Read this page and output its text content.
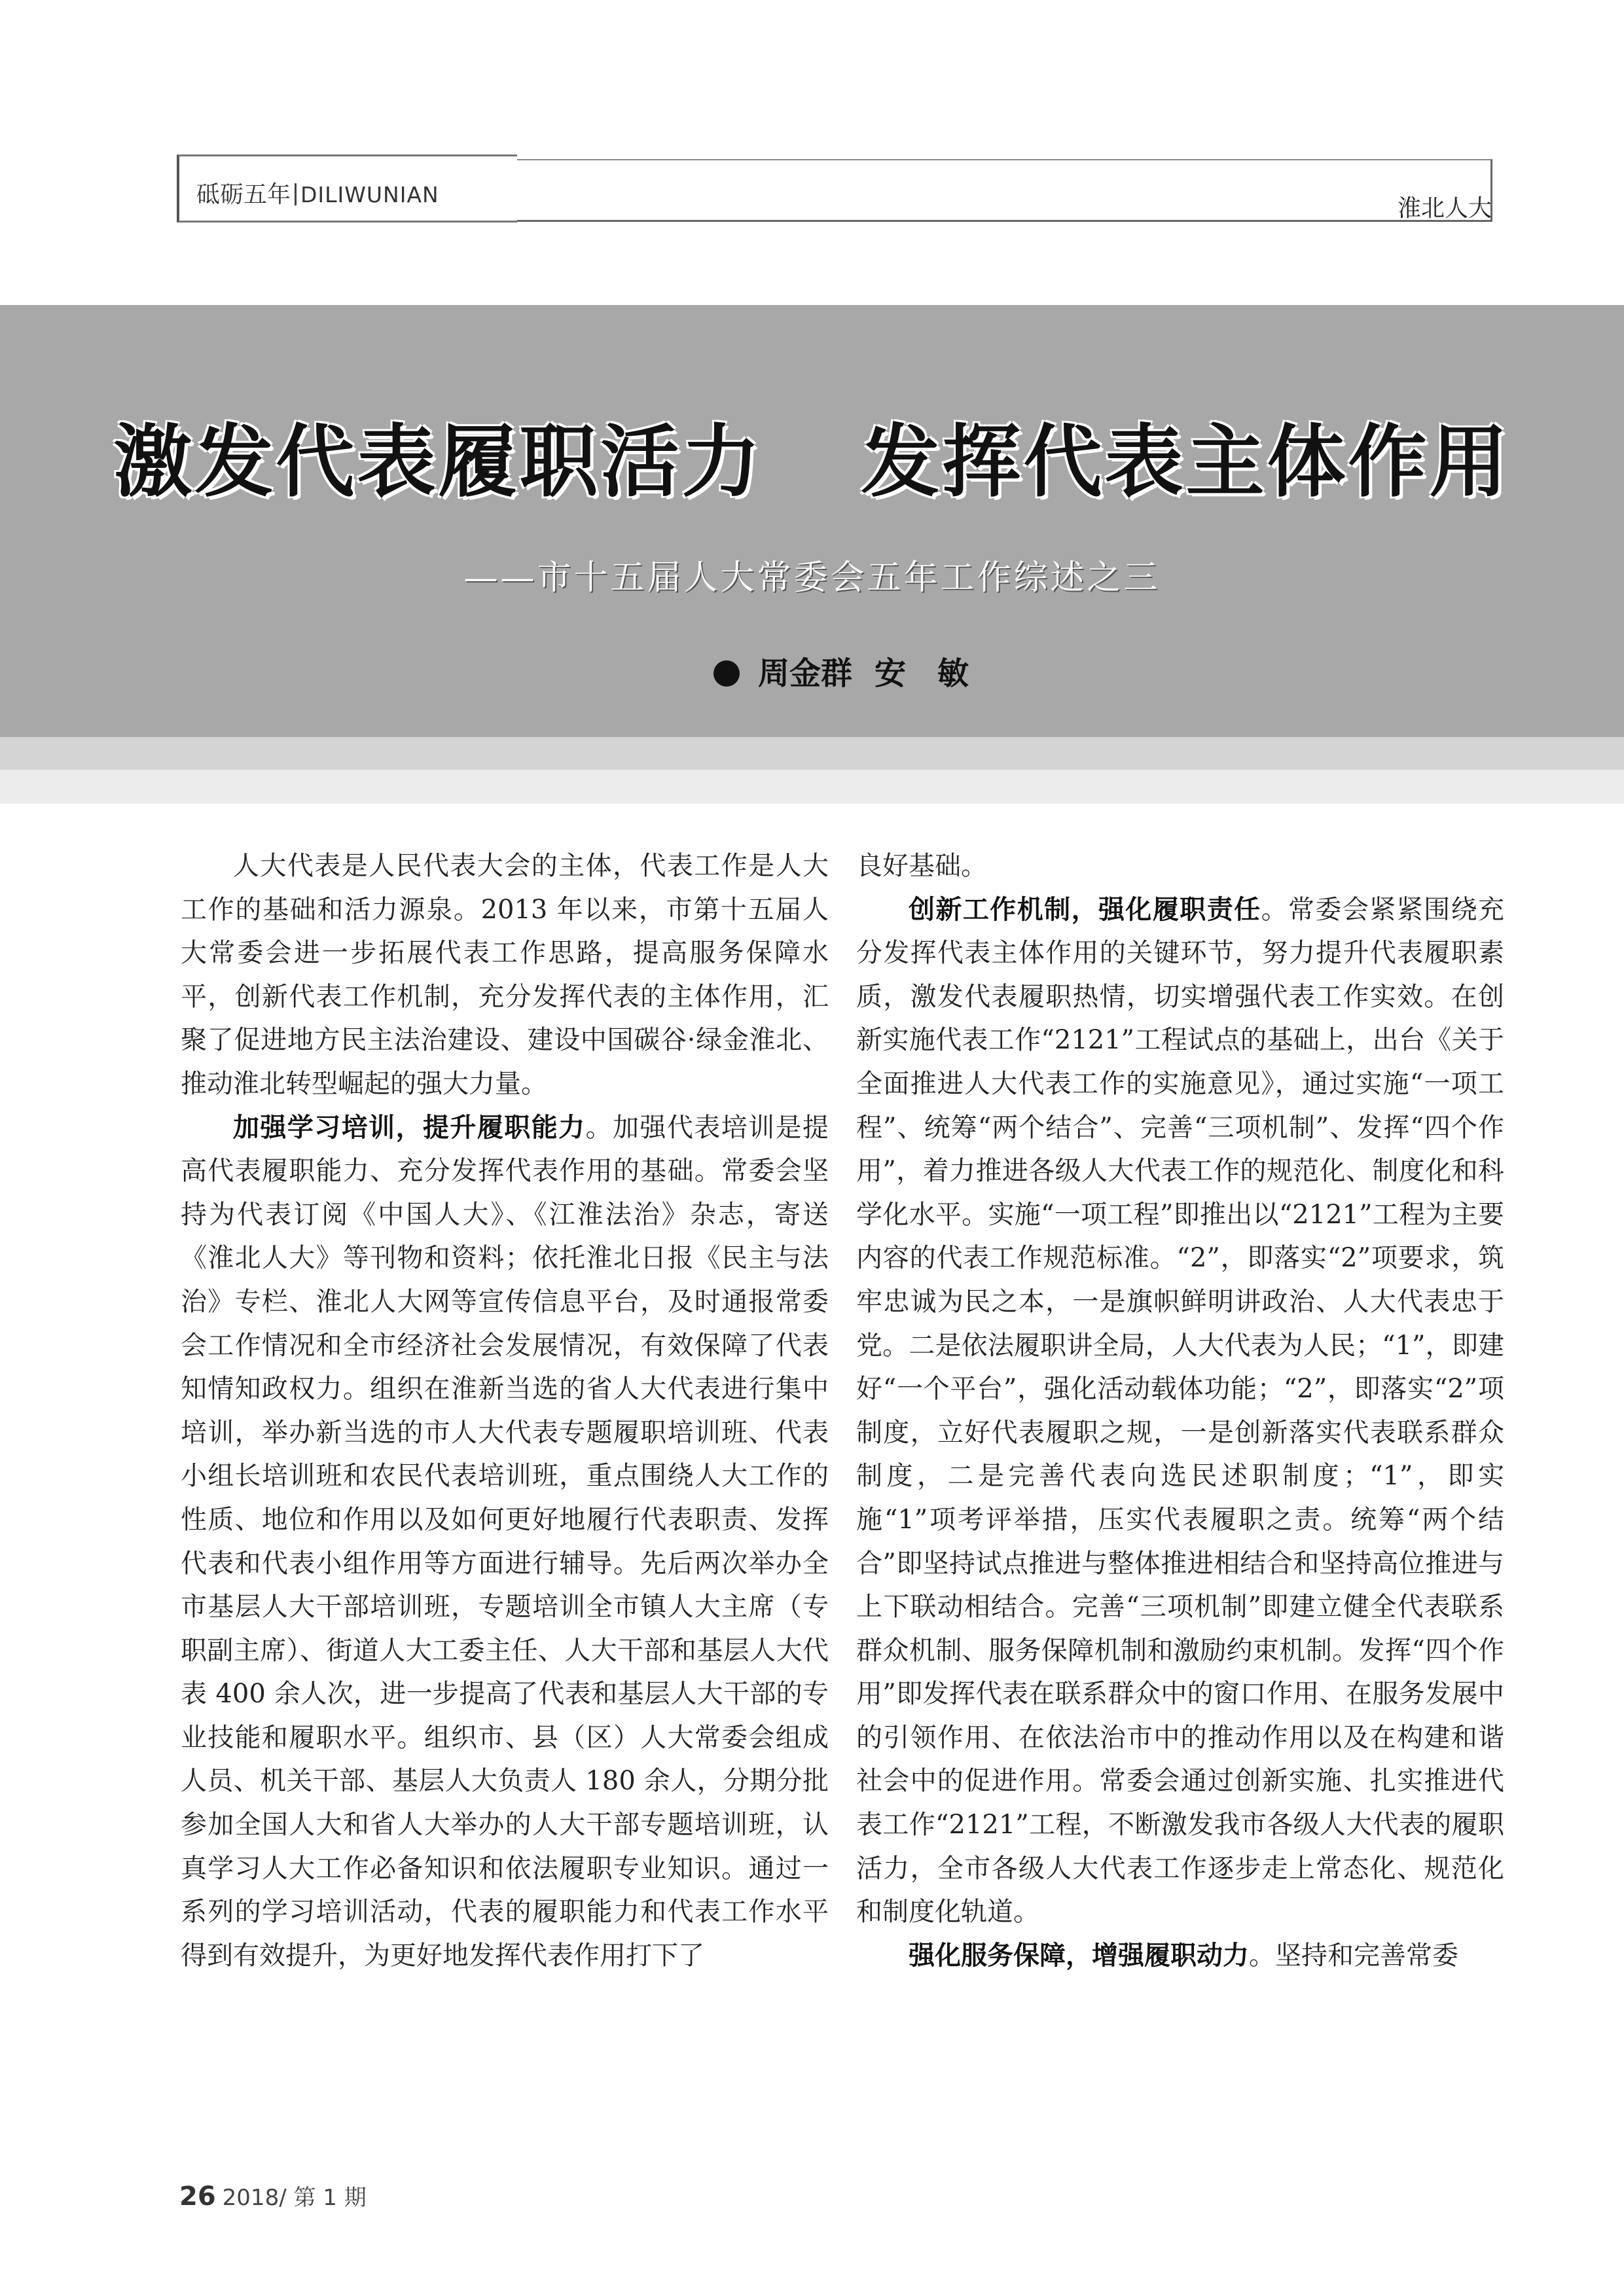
砥砺五年 DILIWUNIAN
淮北人大
激发代表履职活力 发挥代表主体作用
——市十五届人大常委会五年工作综述之三
周金群 安　敏

人大代表是人民代表大会的主体，代表工作是人大工作的基础和活力源泉。2013 年以来，市第十五届人大常委会进一步拓展代表工作思路，提高服务保障水平，创新代表工作机制，充分发挥代表的主体作用，汇聚了促进地方民主法治建设、建设中国碳谷·绿金淮北、推动淮北转型崛起的强大力量。

加强学习培训，提升履职能力。加强代表培训是提高代表履职能力、充分发挥代表作用的基础。常委会坚持为代表订阅《中国人大》、《江淮法治》杂志，寄送《淮北人大》等刊物和资料；依托淮北日报《民主与法治》专栏、淮北人大网等宣传信息平台，及时通报常委会工作情况和全市经济社会发展情况，有效保障了代表知情知政权力。组织在淮新当选的省人大代表进行集中培训，举办新当选的市人大代表专题履职培训班、代表小组长培训班和农民代表培训班，重点围绕人大工作的性质、地位和作用以及如何更好地履行代表职责、发挥代表和代表小组作用等方面进行辅导。先后两次举办全市基层人大干部培训班，专题培训全市镇人大主席（专职副主席）、街道人大工委主任、人大干部和基层人大代表 400 余人次，进一步提高了代表和基层人大干部的专业技能和履职水平。组织市、县（区）人大常委会组成人员、机关干部、基层人大负责人 180 余人，分期分批参加全国人大和省人大举办的人大干部专题培训班，认真学习人大工作必备知识和依法履职专业知识。通过一系列的学习培训活动，代表的履职能力和代表工作水平得到有效提升，为更好地发挥代表作用打下了

良好基础。

创新工作机制，强化履职责任。常委会紧紧围绕充分发挥代表主体作用的关键环节，努力提升代表履职素质，激发代表履职热情，切实增强代表工作实效。在创新实施代表工作“2121”工程试点的基础上，出台《关于全面推进人大代表工作的实施意见》，通过实施“一项工程”、统筹“两个结合”、完善“三项机制”、发挥“四个作用”，着力推进各级人大代表工作的规范化、制度化和科学化水平。实施“一项工程”即推出以“2121”工程为主要内容的代表工作规范标准。“2”，即落实“2”项要求，筑牢忠诚为民之本，一是旗帜鲜明讲政治、人大代表忠于党。二是依法履职讲全局，人大代表为人民；“1”，即建好“一个平台”，强化活动载体功能；“2”，即落实“2”项制度，立好代表履职之规，一是创新落实代表联系群众制度，二是完善代表向选民述职制度；“1”，即实施“1”项考评举措，压实代表履职之责。统筹“两个结合”即坚持试点推进与整体推进相结合和坚持高位推进与上下联动相结合。完善“三项机制”即建立健全代表联系群众机制、服务保障机制和激励约束机制。发挥“四个作用”即发挥代表在联系群众中的窗口作用、在服务发展中的引领作用、在依法治市中的推动作用以及在构建和谐社会中的促进作用。常委会通过创新实施、扎实推进代表工作“2121”工程，不断激发我市各级人大代表的履职活力，全市各级人大代表工作逐步走上常态化、规范化和制度化轨道。

强化服务保障，增强履职动力。坚持和完善常委

26 2018/ 第 1 期
